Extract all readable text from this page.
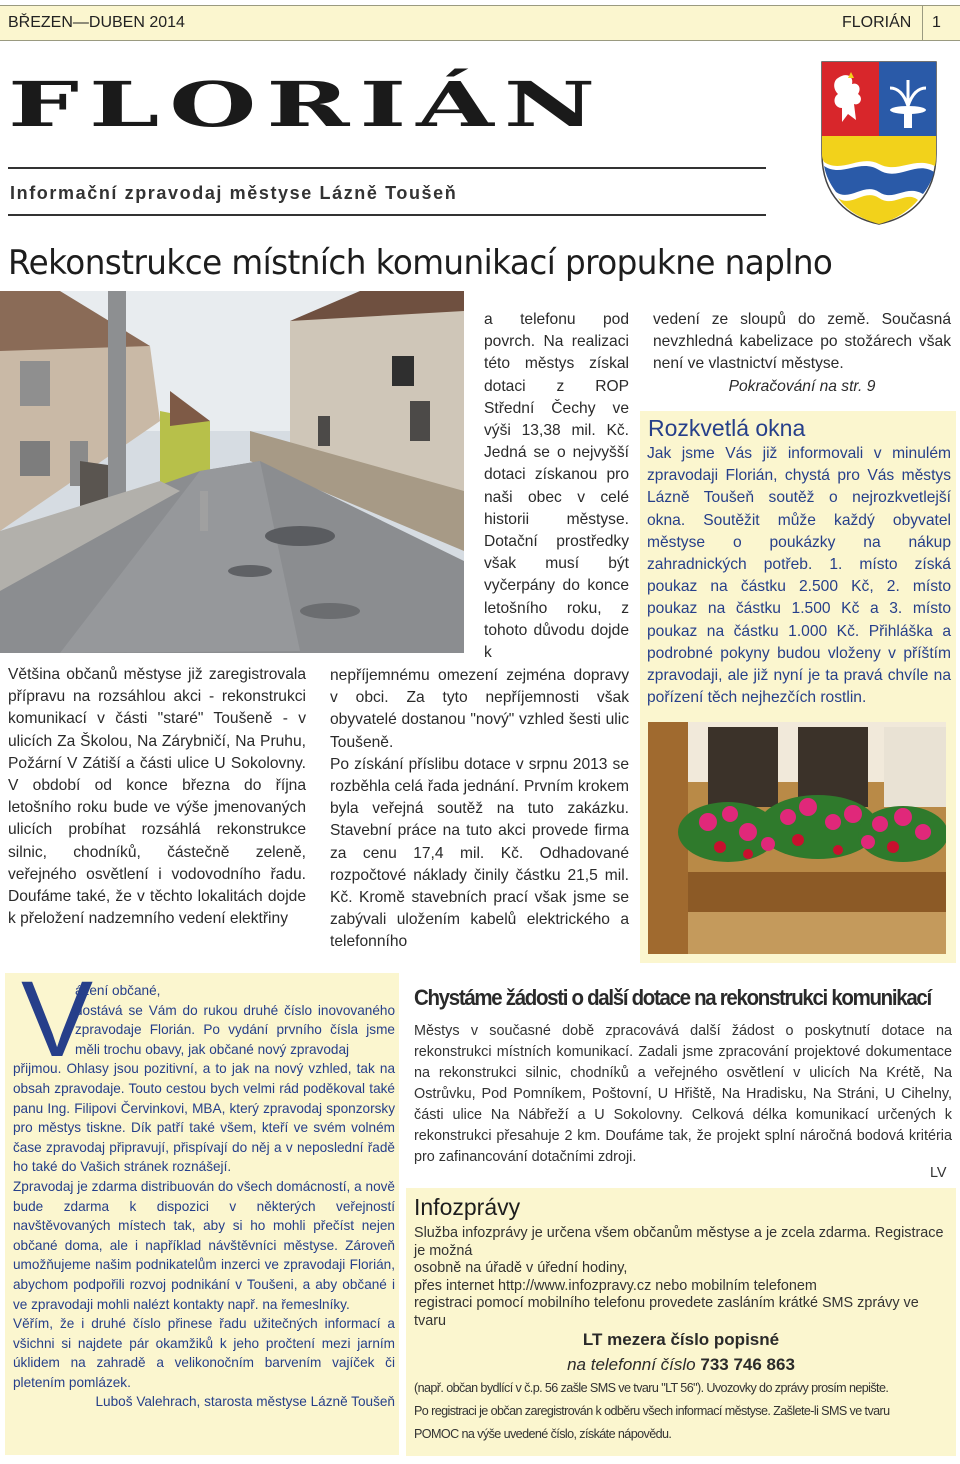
BŘEZEN—DUBEN 2014	FLORIÁN 1
FLORIÁN
Informační zpravodaj městyse Lázně Toušeň
Rekonstrukce místních komunikací propukne naplno
Většina občanů městyse již zaregistrovala přípravu na rozsáhlou akci - rekonstrukci komunikací v části "staré" Toušeně - v ulicích Za Školou, Na Zárybničí, Na Pruhu, Požární V Zátiší a části ulice U Sokolovny. V období od konce března do října letošního roku bude ve výše jmenovaných ulicích probíhat rozsáhlá rekonstrukce silnic, chodníků, částečně zeleně, veřejného osvětlení i vodovodního řadu. Doufáme také, že v těchto lokalitách dojde k přeložení nadzemního vedení elektřiny
a telefonu pod povrch. Na realizaci této městys získal dotaci z ROP Střední Čechy ve výši 13,38 mil. Kč. Jedná se o nejvyšší dotaci získanou pro naši obec v celé historii městyse. Dotační prostředky však musí být vyčerpány do konce letošního roku, z tohoto důvodu dojde k

nepříjemnému omezení zejména dopravy v obci. Za tyto nepříjemnosti však obyvatelé dostanou "nový" vzhled šesti ulic Toušeně.

Po získání příslibu dotace v srpnu 2013 se rozběhla celá řada jednání. Prvním krokem byla veřejná soutěž na tuto zakázku. Stavební práce na tuto akci provede firma za cenu 17,4 mil. Kč. Odhadované rozpočtové náklady činily částku 21,5 mil. Kč. Kromě stavebních prací však jsme se zabývali uložením kabelů elektrického a telefonního

vedení ze sloupů do země. Současná nevzhledná kabelizace po stožárech však není ve vlastnictví městyse.

Pokračování na str. 9

Rozkvetlá okna
Jak jsme Vás již informovali v minulém zpravodaji Florián, chystá pro Vás městys Lázně Toušeň soutěž o nejrozkvetlejší okna. Soutěžit může každý obyvatel městyse o poukázky na nákup zahradnických potřeb. 1. místo získá poukaz na částku 2.500 Kč, 2. místo poukaz na částku 1.500 Kč a 3. místo poukaz na částku 1.000 Kč. Přihláška a podrobné pokyny budou vloženy v příštím zpravodaji, ale již nyní je ta pravá chvíle na pořízení těch nejhezčích rostlin.
V

ážení občané,

dostává se Vám do rukou druhé číslo inovovaného zpravodaje Florián. Po vydání prvního čísla jsme měli trochu obavy, jak občané nový zpravodaj

přijmou. Ohlasy jsou pozitivní, a to jak na nový vzhled, tak na obsah zpravodaje. Touto cestou bych velmi rád poděkoval také panu Ing. Filipovi Červinkovi, MBA, který zpravodaj sponzorsky pro městys tiskne. Dík patří také všem, kteří ve svém volném čase zpravodaj připravují, přispívají do něj a v neposlední řadě ho také do Vašich stránek roznášejí.

Zpravodaj je zdarma distribuován do všech domácností, a nově bude zdarma k dispozici v některých veřejností navštěvovaných místech tak, aby si ho mohli přečíst nejen občané doma, ale i například návštěvníci městyse. Zároveň umožňujeme našim podnikatelům inzerci ve zpravodaji Florián, abychom podpořili rozvoj podnikání v Toušeni, a aby občané i ve zpravodaji mohli nalézt kontakty např. na řemeslníky.

Věřím, že i druhé číslo přinese řadu užitečných informací a všichni si najdete pár okamžiků k jeho pročtení mezi jarním úklidem na zahradě a velikonočním barvením vajíček či pletením pomlázek.

Luboš Valehrach, starosta městyse Lázně Toušeň

Chystáme žádosti o další dotace na rekonstrukci komunikací
Městys v současné době zpracovává další žádost o poskytnutí dotace na rekonstrukci místních komunikací. Zadali jsme zpracování projektové dokumentace na rekonstrukci silnic, chodníků a veřejného osvětlení v ulicích Na Krétě, Na Ostrůvku, Pod Pomníkem, Poštovní, U Hřiště, Na Hradisku, Na Stráni, U Cihelny, části ulice Na Nábřeží a U Sokolovny. Celková délka komunikací určených k rekonstrukci přesahuje 2 km. Doufáme tak, že projekt splní náročná bodová kritéria pro zafinancování dotačními zdroji.
LV
Infozprávy

Služba infozprávy je určena všem občanům městyse a je zcela zdarma. Registrace je možná

osobně na úřadě v úřední hodiny,

přes internet http://www.infozpravy.cz nebo mobilním telefonem

registraci pomocí mobilního telefonu provedete zasláním krátké SMS zprávy ve tvaru

LT mezera číslo popisné
na telefonní číslo 733 746 863
(např. občan bydlící v č.p. 56 zašle SMS ve tvaru "LT 56"). Uvozovky do zprávy prosím nepište.
Po registraci je občan zaregistrován k odběru všech informací městyse. Zašlete-li SMS ve tvaru
POMOC na výše uvedené číslo, získáte nápovědu.
